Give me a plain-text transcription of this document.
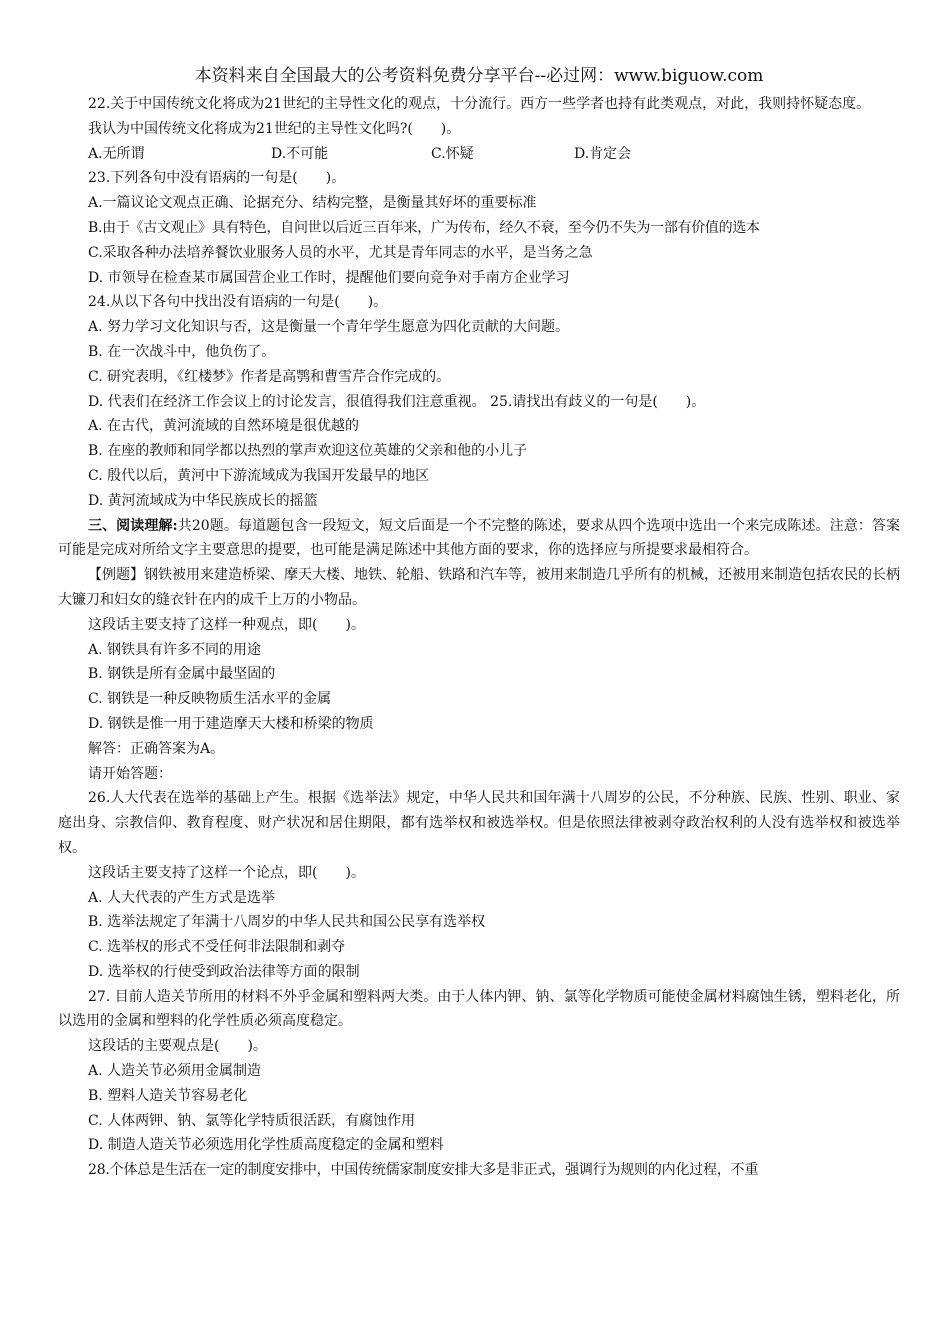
本资料来自全国最大的公考资料免费分享平台--必过网：www.biguow.com

22.关于中国传统文化将成为21世纪的主导性文化的观点，十分流行。西方一些学者也持有此类观点，对此，我则持怀疑态度。

我认为中国传统文化将成为21世纪的主导性文化吗?(　　)。

A.无所谓	D.不可能	C.怀疑	D.肯定会

23.下列各句中没有语病的一句是(　　)。

A.一篇议论文观点正确、论据充分、结构完整，是衡量其好坏的重要标准

B.由于《古文观止》具有特色，自问世以后近三百年来，广为传布，经久不衰，至今仍不失为一部有价值的选本

C.采取各种办法培养餐饮业服务人员的水平，尤其是青年同志的水平，是当务之急

D. 市领导在检查某市属国营企业工作时，提醒他们要向竞争对手南方企业学习

24.从以下各句中找出没有语病的一句是(　　)。

A. 努力学习文化知识与否，这是衡量一个青年学生愿意为四化贡献的大问题。

B. 在一次战斗中，他负伤了。

C. 研究表明，《红楼梦》作者是高鹗和曹雪芹合作完成的。

D. 代表们在经济工作会议上的讨论发言，很值得我们注意重视。 25.请找出有歧义的一句是(　　)。

A. 在古代，黄河流域的自然环境是很优越的

B. 在座的教师和同学都以热烈的掌声欢迎这位英雄的父亲和他的小儿子

C. 殷代以后，黄河中下游流域成为我国开发最早的地区

D. 黄河流域成为中华民族成长的摇篮

三、阅读理解:共20题。每道题包含一段短文，短文后面是一个不完整的陈述，要求从四个选项中选出一个来完成陈述。注意：答案可能是完成对所给文字主要意思的提要，也可能是满足陈述中其他方面的要求，你的选择应与所提要求最相符合。

【例题】钢铁被用来建造桥梁、摩天大楼、地铁、轮船、铁路和汽车等，被用来制造几乎所有的机械，还被用来制造包括农民的长柄大镰刀和妇女的缝衣针在内的成千上万的小物品。

这段话主要支持了这样一种观点，即(　　)。

A. 钢铁具有许多不同的用途

B. 钢铁是所有金属中最坚固的

C. 钢铁是一种反映物质生活水平的金属

D. 钢铁是惟一用于建造摩天大楼和桥梁的物质

解答：正确答案为A。

请开始答题：

26.人大代表在选举的基础上产生。根据《选举法》规定，中华人民共和国年满十八周岁的公民，不分种族、民族、性别、职业、家庭出身、宗教信仰、教育程度、财产状况和居住期限，都有选举权和被选举权。但是依照法律被剥夺政治权利的人没有选举权和被选举权。

这段话主要支持了这样一个论点，即(　　)。

A. 人大代表的产生方式是选举

B. 选举法规定了年满十八周岁的中华人民共和国公民享有选举权

C. 选举权的形式不受任何非法限制和剥夺

D. 选举权的行使受到政治法律等方面的限制

27. 目前人造关节所用的材料不外乎金属和塑料两大类。由于人体内钾、钠、氯等化学物质可能使金属材料腐蚀生锈，塑料老化，所以选用的金属和塑料的化学性质必须高度稳定。

这段话的主要观点是(　　)。

A. 人造关节必须用金属制造

B. 塑料人造关节容易老化

C. 人体两钾、钠、氯等化学特质很活跃，有腐蚀作用

D. 制造人造关节必须选用化学性质高度稳定的金属和塑料

28.个体总是生活在一定的制度安排中，中国传统儒家制度安排大多是非正式，强调行为规则的内化过程，不重
